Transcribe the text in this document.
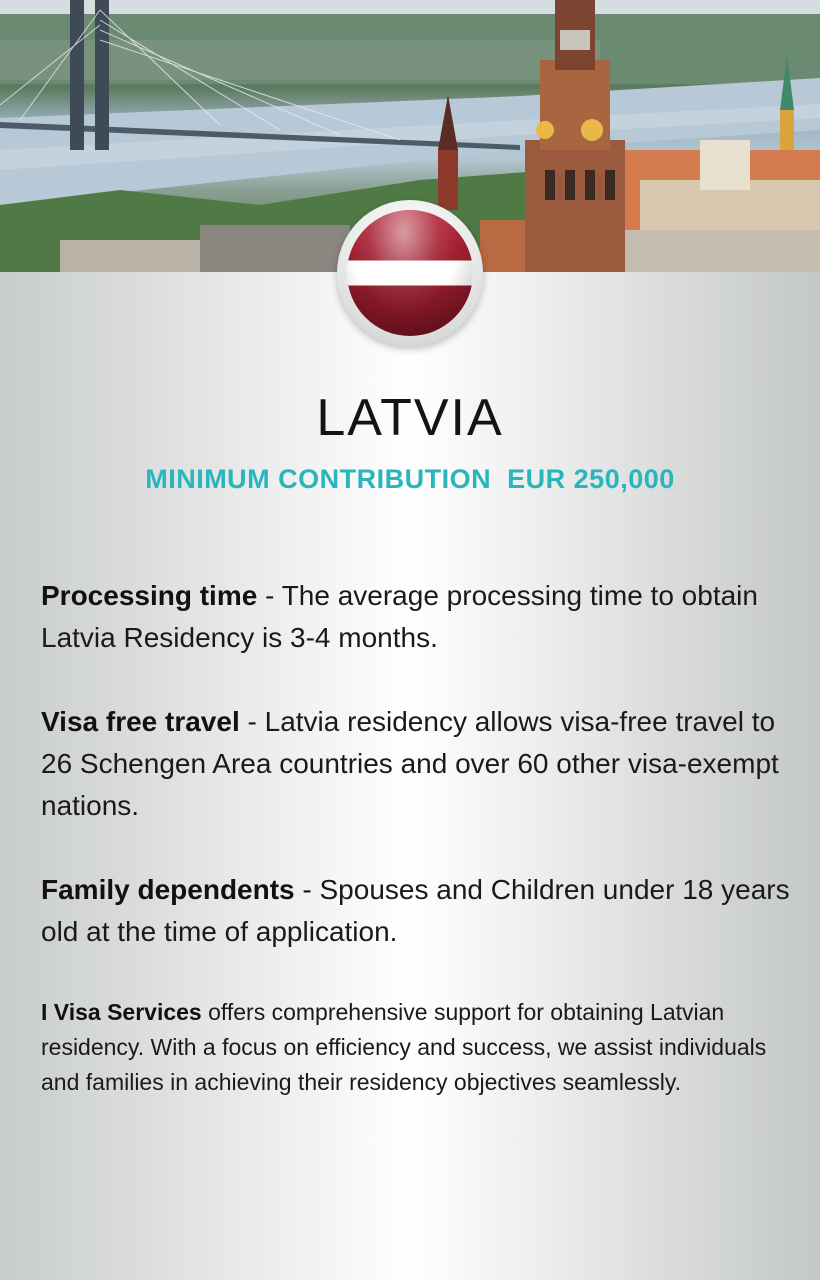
LATVIA
MINIMUM CONTRIBUTION  EUR 250,000

Processing time - The average processing time to obtain Latvia Residency is 3-4 months.

Visa free travel - Latvia residency allows visa-free travel to 26 Schengen Area countries and over 60 other visa-exempt nations.

Family dependents - Spouses and Children under 18 years old at the time of application.

I Visa Services offers comprehensive support for obtaining Latvian residency. With a focus on efficiency and success, we assist individuals and families in achieving their residency objectives seamlessly.
